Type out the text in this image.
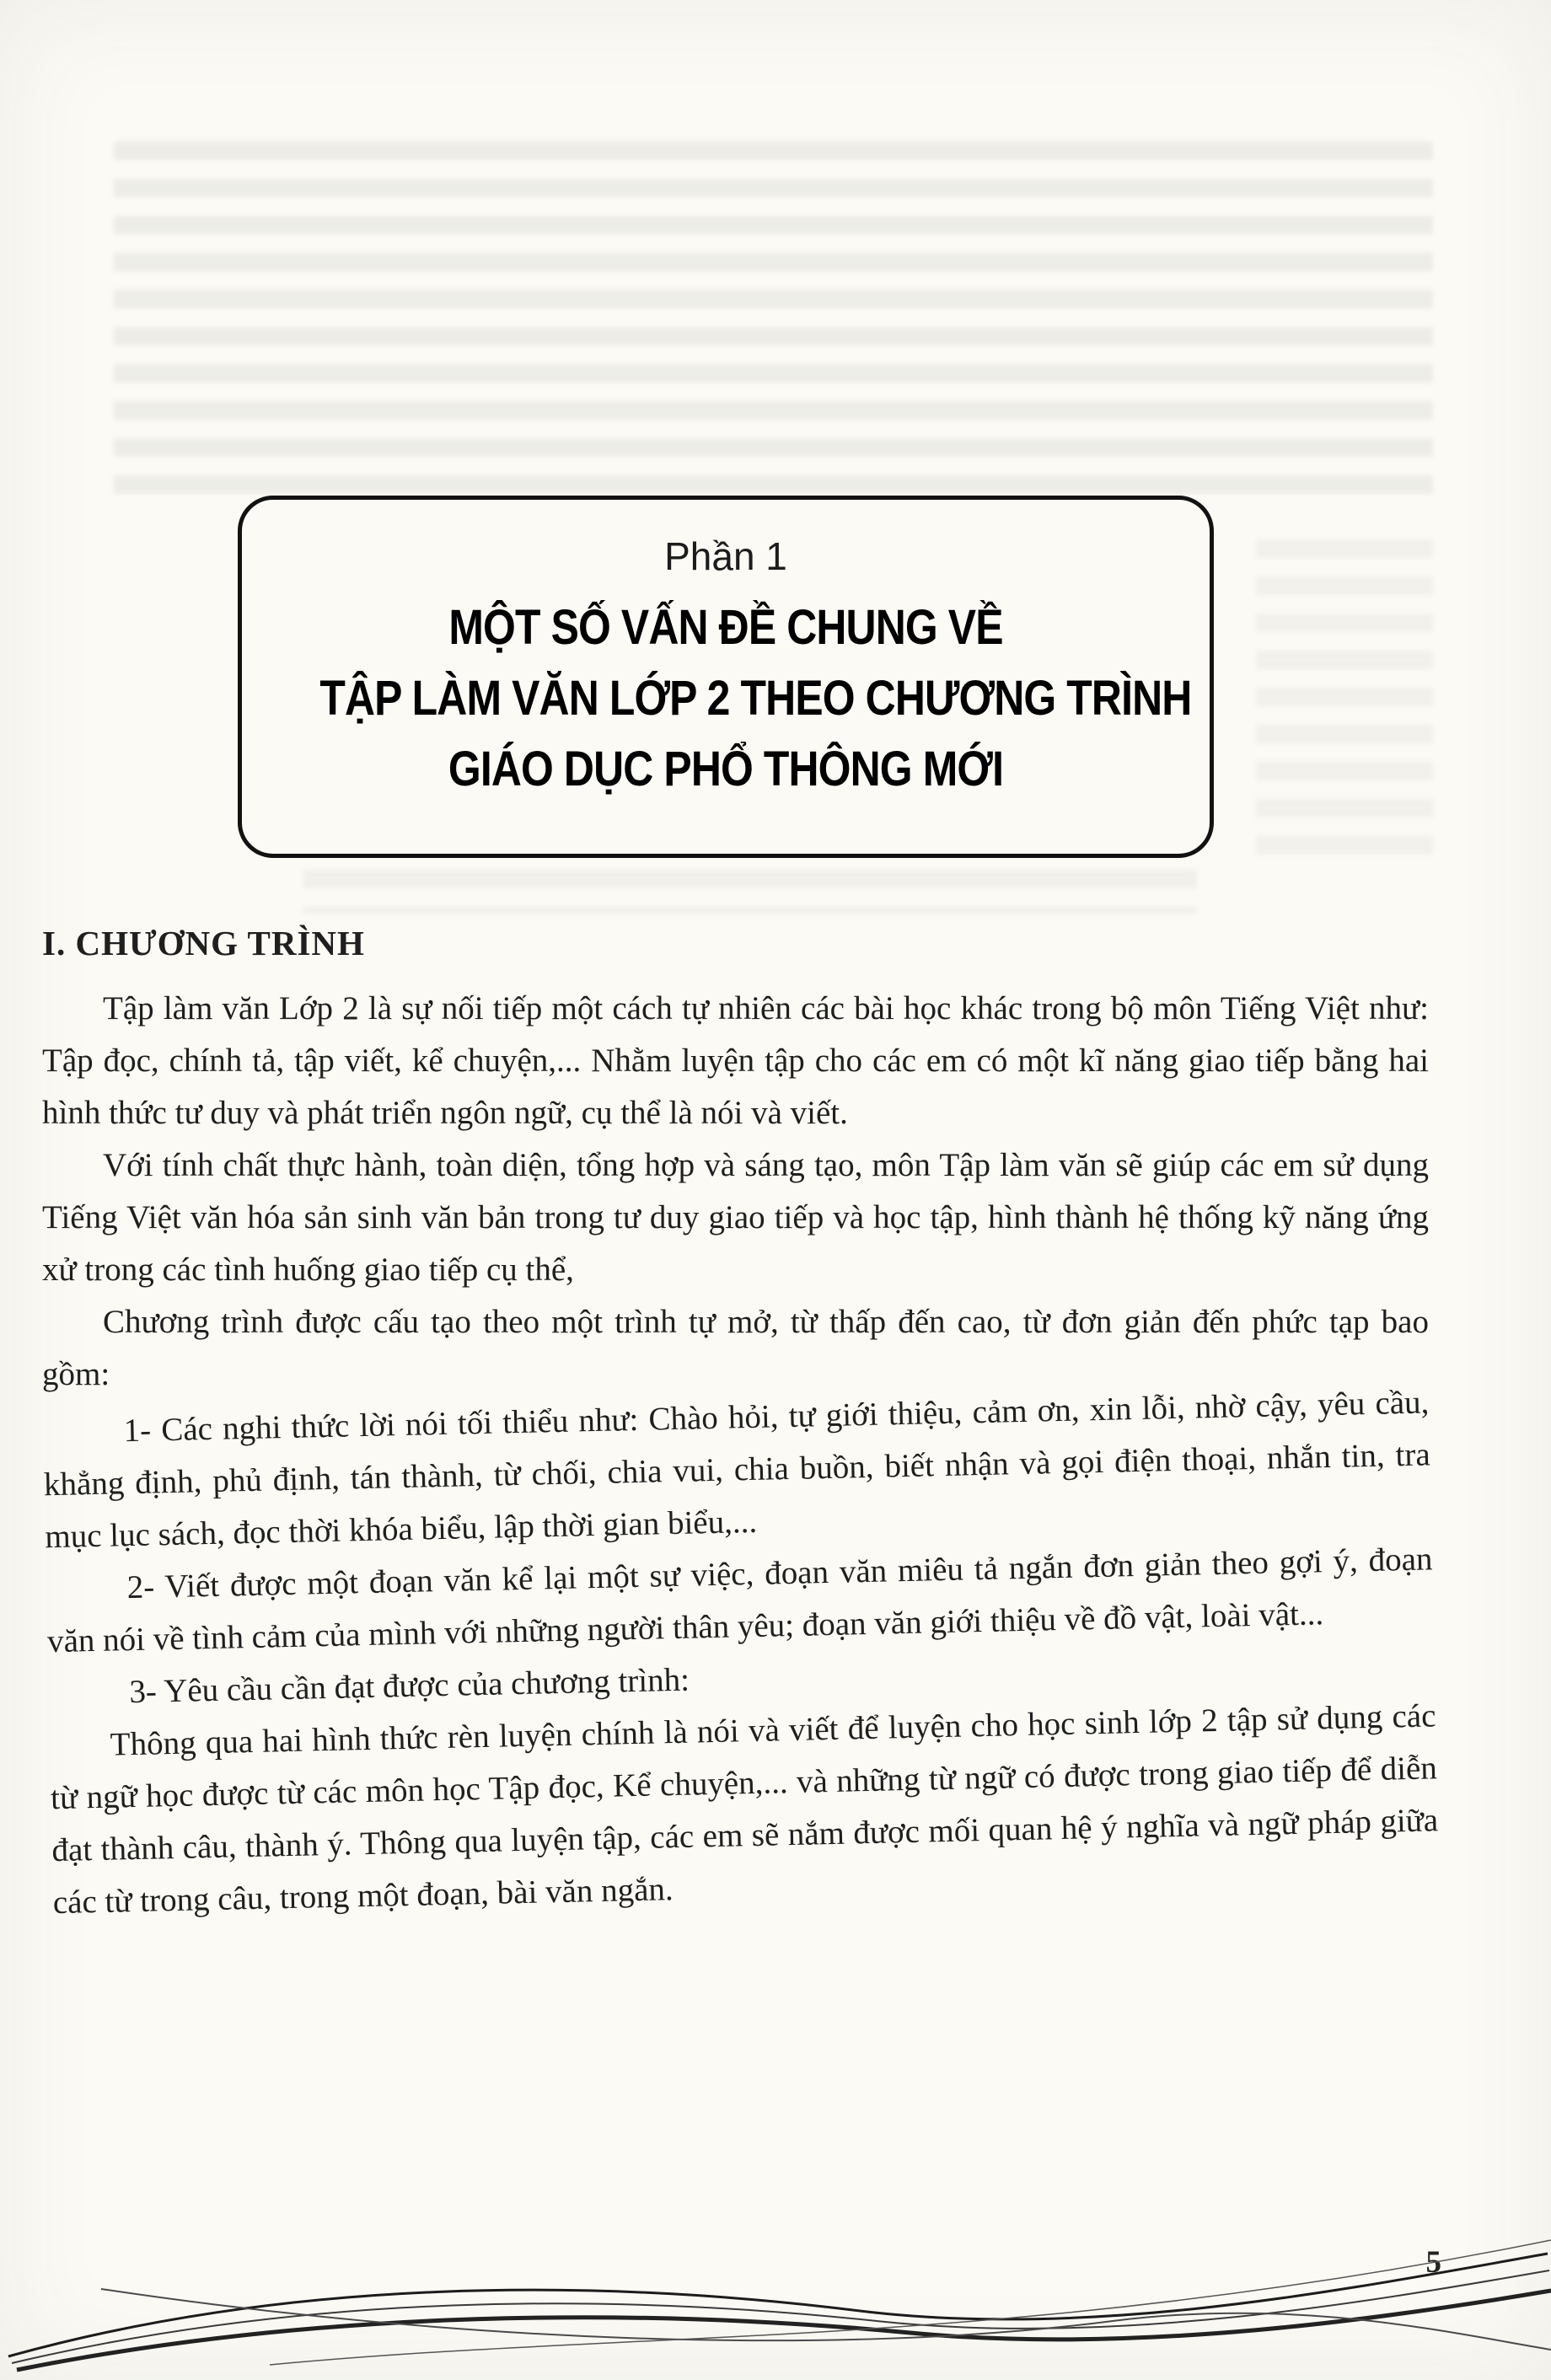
Phần 1
MỘT SỐ VẤN ĐỀ CHUNG VỀ
TẬP LÀM VĂN LỚP 2 THEO CHƯƠNG TRÌNH
GIÁO DỤC PHỔ THÔNG MỚI
I. CHƯƠNG TRÌNH

Tập làm văn Lớp 2 là sự nối tiếp một cách tự nhiên các bài học khác trong bộ môn Tiếng Việt như: Tập đọc, chính tả, tập viết, kể chuyện,... Nhằm luyện tập cho các em có một kĩ năng giao tiếp bằng hai hình thức tư duy và phát triển ngôn ngữ, cụ thể là nói và viết.

Với tính chất thực hành, toàn diện, tổng hợp và sáng tạo, môn Tập làm văn sẽ giúp các em sử dụng Tiếng Việt văn hóa sản sinh văn bản trong tư duy giao tiếp và học tập, hình thành hệ thống kỹ năng ứng xử trong các tình huống giao tiếp cụ thể,

Chương trình được cấu tạo theo một trình tự mở, từ thấp đến cao, từ đơn giản đến phức tạp bao gồm:

1- Các nghi thức lời nói tối thiểu như: Chào hỏi, tự giới thiệu, cảm ơn, xin lỗi, nhờ cậy, yêu cầu, khẳng định, phủ định, tán thành, từ chối, chia vui, chia buồn, biết nhận và gọi điện thoại, nhắn tin, tra mục lục sách, đọc thời khóa biểu, lập thời gian biểu,...

2- Viết được một đoạn văn kể lại một sự việc, đoạn văn miêu tả ngắn đơn giản theo gợi ý, đoạn văn nói về tình cảm của mình với những người thân yêu; đoạn văn giới thiệu về đồ vật, loài vật...

3- Yêu cầu cần đạt được của chương trình:

Thông qua hai hình thức rèn luyện chính là nói và viết để luyện cho học sinh lớp 2 tập sử dụng các từ ngữ học được từ các môn học Tập đọc, Kể chuyện,... và những từ ngữ có được trong giao tiếp để diễn đạt thành câu, thành ý. Thông qua luyện tập, các em sẽ nắm được mối quan hệ ý nghĩa và ngữ pháp giữa các từ trong câu, trong một đoạn, bài văn ngắn.

5
